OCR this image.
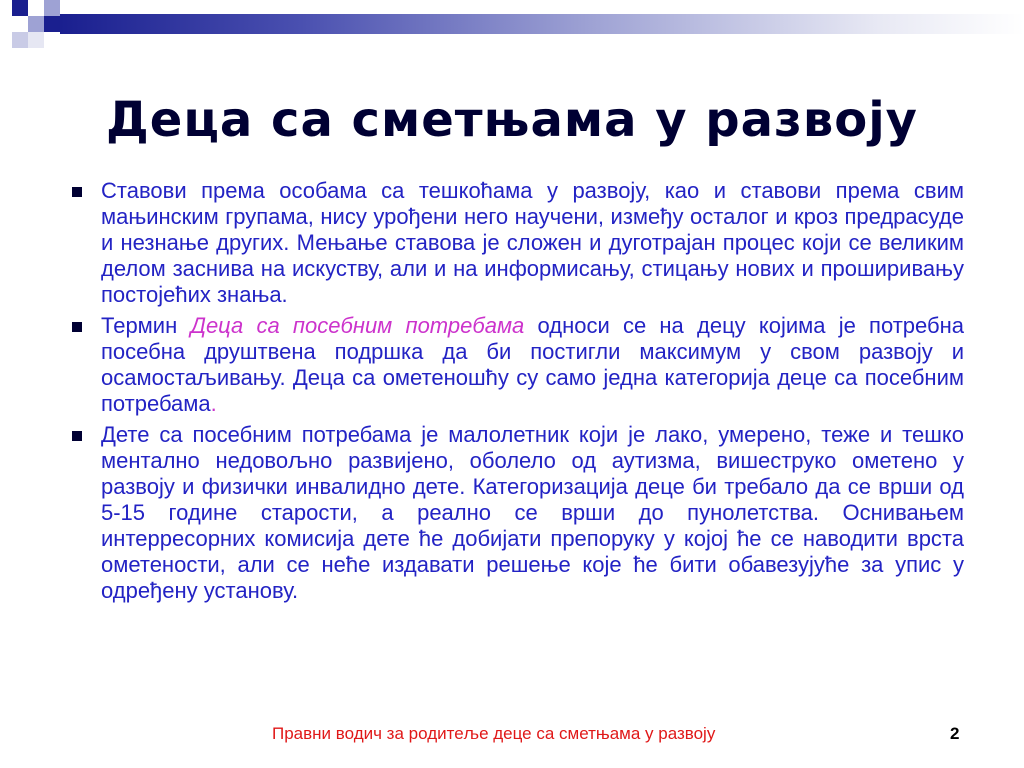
Деца са сметњама у развоју
Ставови према особама са тешкоћама у развоју, као и ставови према свим мањинским групама, нису урођени него научени, између осталог и кроз предрасуде и незнање других. Мењање ставова је сложен и дуготрајан процес који се великим делом заснива на искуству, али и на информисању, стицању нових и проширивању постојећих знања.
Термин Деца са посебним потребама односи се на децу којима је потребна посебна друштвена подршка да би постигли максимум у свом развоју и осамостаљивању. Деца са ометеношћу су само једна категорија деце са посебним потребама.
Дете са посебним потребама је малолетник који је лако, умерено, теже и тешко ментално недовољно развијено, оболело од аутизма, вишеструко ометено у развоју и физички инвалидно дете. Категоризација деце би требало да се врши од 5-15 године старости, а реално се врши до пунолетства. Оснивањем интерресорних комисија дете ће добијати препоруку у којој ће се наводити врста ометености, али се неће издавати решење које ће бити обавезујуће за упис у одређену установу.
Правни водич за родитеље деце са сметњама у развоју	2
